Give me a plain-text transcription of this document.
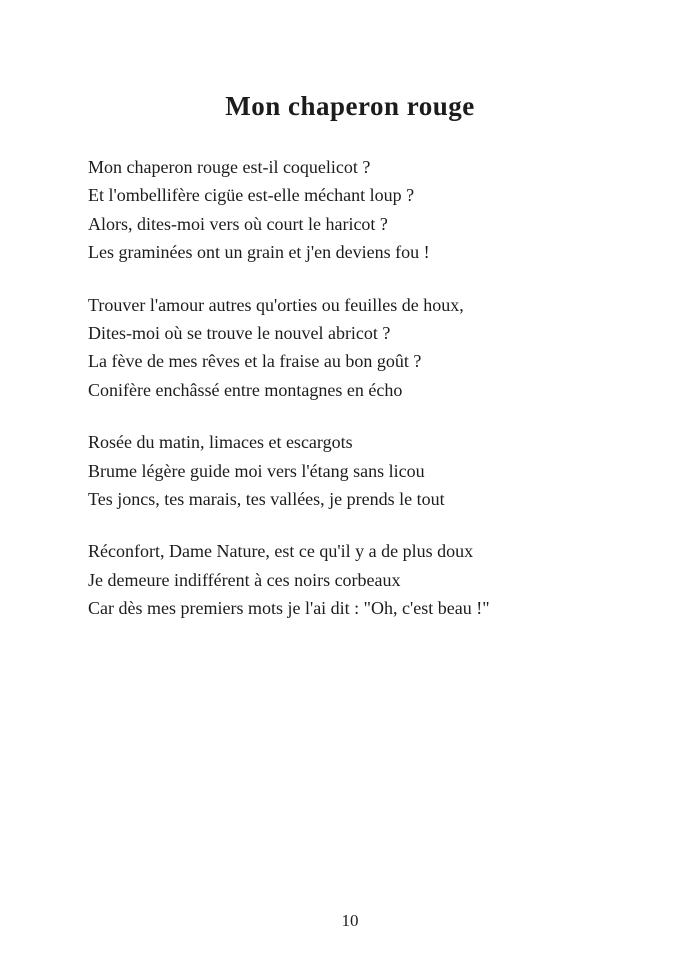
Mon chaperon rouge

Mon chaperon rouge est-il coquelicot ?
Et l'ombellifère cigüe est-elle méchant loup ?
Alors, dites-moi vers où court le haricot ?
Les graminées ont un grain et j'en deviens fou !

Trouver l'amour autres qu'orties ou feuilles de houx,
Dites-moi où se trouve le nouvel abricot ?
La fève de mes rêves et la fraise au bon goût ?
Conifère enchâssé entre montagnes en écho

Rosée du matin, limaces et escargots
Brume légère guide moi vers l'étang sans licou
Tes joncs, tes marais, tes vallées, je prends le tout

Réconfort, Dame Nature, est ce qu'il y a de plus doux
Je demeure indifférent à ces noirs corbeaux
Car dès mes premiers mots je l'ai dit : "Oh, c'est beau !"

10
